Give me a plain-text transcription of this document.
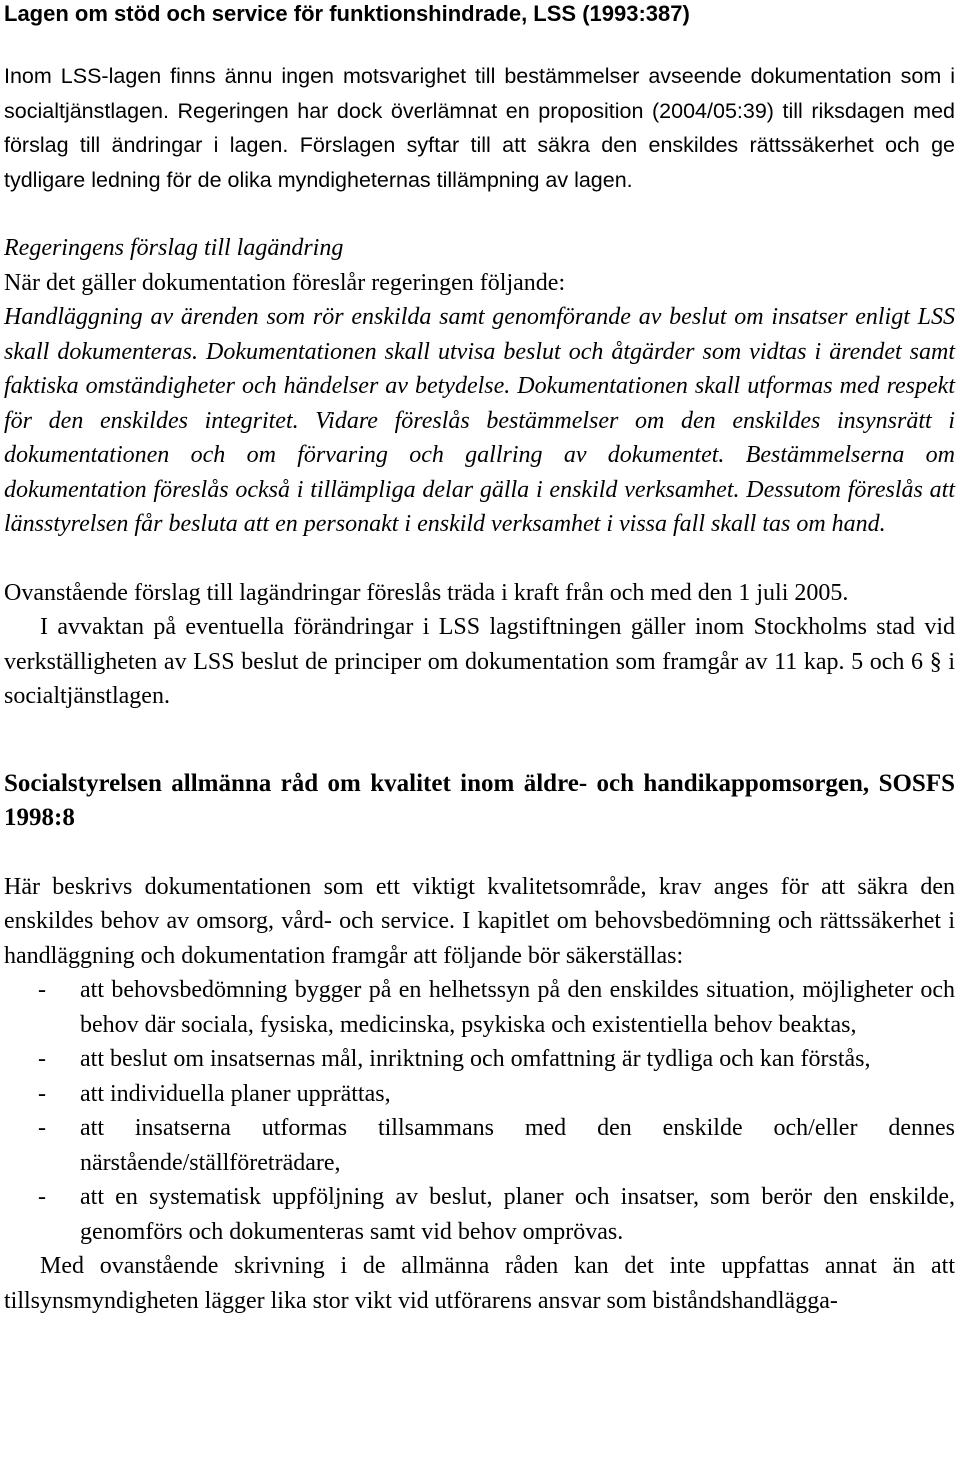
Lagen om stöd och service för funktionshindrade, LSS (1993:387)

Inom LSS-lagen finns ännu ingen motsvarighet till bestämmelser avseende dokumentation som i socialtjänstlagen. Regeringen har dock överlämnat en proposition (2004/05:39) till riksdagen med förslag till ändringar i lagen. Förslagen syftar till att säkra den enskildes rättssäkerhet och ge tydligare ledning för de olika myndigheternas tillämpning av lagen.

Regeringens förslag till lagändring

När det gäller dokumentation föreslår regeringen följande:

Handläggning av ärenden som rör enskilda samt genomförande av beslut om insatser enligt LSS skall dokumenteras. Dokumentationen skall utvisa beslut och åtgärder som vidtas i ärendet samt faktiska omständigheter och händelser av betydelse. Dokumentationen skall utformas med respekt för den enskildes integritet. Vidare föreslås bestämmelser om den enskildes insynsrätt i dokumentationen och om förvaring och gallring av dokumentet. Bestämmelserna om dokumentation föreslås också i tillämpliga delar gälla i enskild verksamhet. Dessutom föreslås att länsstyrelsen får besluta att en personakt i enskild verksamhet i vissa fall skall tas om hand.

Ovanstående förslag till lagändringar föreslås träda i kraft från och med den 1 juli 2005.

I avvaktan på eventuella förändringar i LSS lagstiftningen gäller inom Stockholms stad vid verkställigheten av LSS beslut de principer om dokumentation som framgår av 11 kap. 5 och 6 § i socialtjänstlagen.

Socialstyrelsen allmänna råd om kvalitet inom äldre- och handikappomsorgen, SOSFS 1998:8

Här beskrivs dokumentationen som ett viktigt kvalitetsområde, krav anges för att säkra den enskildes behov av omsorg, vård- och service. I kapitlet om behovsbedömning och rättssäkerhet i handläggning och dokumentation framgår att följande bör säkerställas:

- att behovsbedömning bygger på en helhetssyn på den enskildes situation, möjligheter och behov där sociala, fysiska, medicinska, psykiska och existentiella behov beaktas,
- att beslut om insatsernas mål, inriktning och omfattning är tydliga och kan förstås,
- att individuella planer upprättas,
- att insatserna utformas tillsammans med den enskilde och/eller dennes närstående/ställföreträdare,
- att en systematisk uppföljning av beslut, planer och insatser, som berör den enskilde, genomförs och dokumenteras samt vid behov omprövas.

Med ovanstående skrivning i de allmänna råden kan det inte uppfattas annat än att tillsynsmyndigheten lägger lika stor vikt vid utförarens ansvar som biståndshandlägga-
